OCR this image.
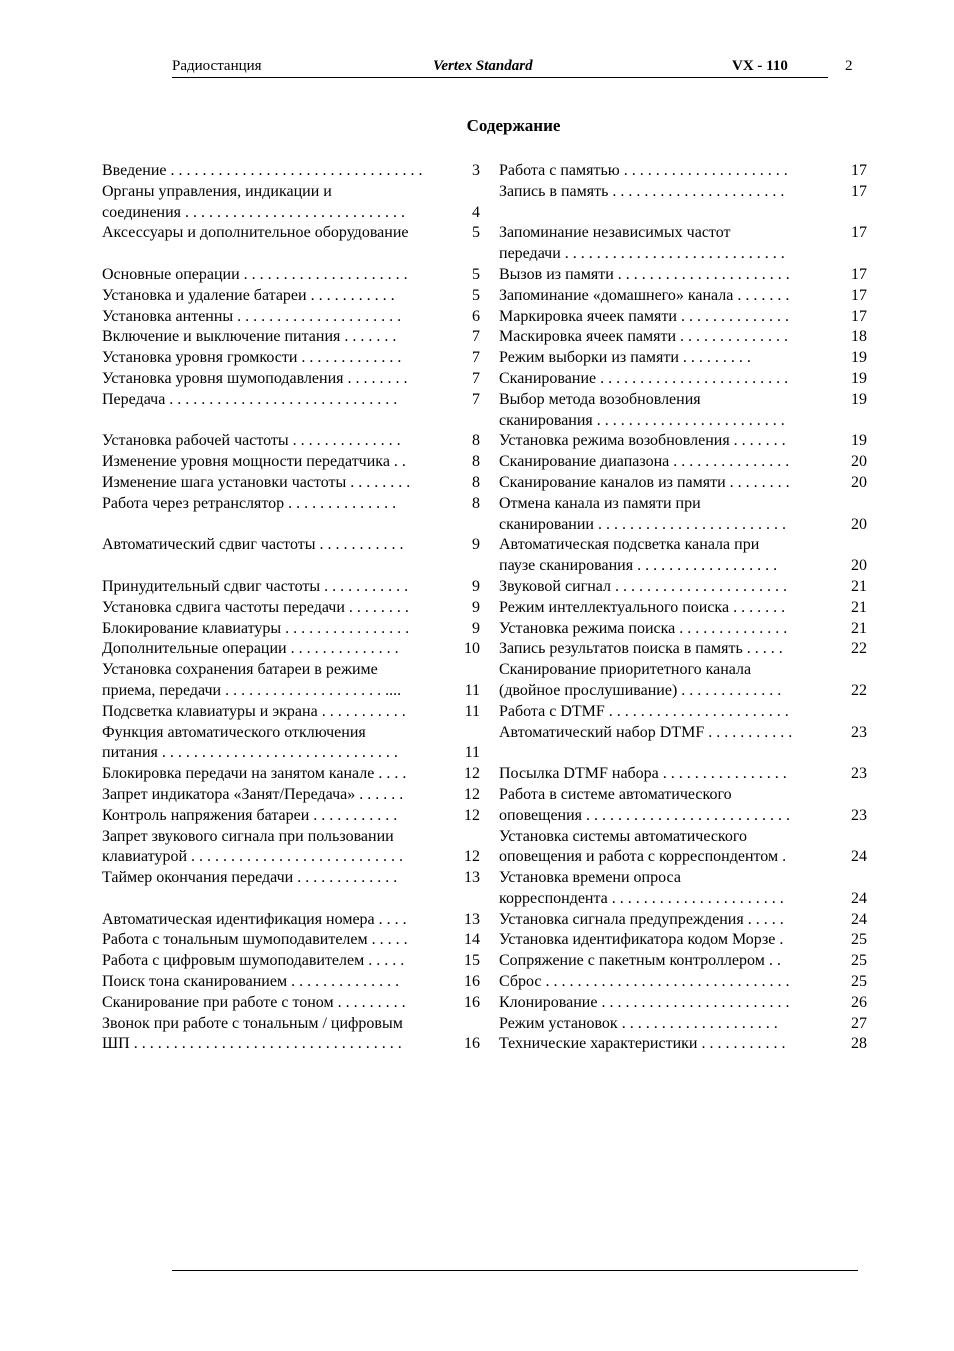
Радиостанция	Vertex Standard	VX - 110	2
Содержание
Введение . . . . . . . . . . . . . . . . . . . . . . . . . . . . . . . .	3
Органы управления, индикации и
соединения . . . . . . . . . . . . . . . . . . . . . . . . . . . .	4
Аксессуары и дополнительное оборудование	5
Основные операции . . . . . . . . . . . . . . . . . . . . .	5
Установка и удаление батареи . . . . . . . . . . .	5
Установка антенны . . . . . . . . . . . . . . . . . . . . .	6
Включение и выключение питания . . . . . . .	7
Установка уровня громкости . . . . . . . . . . . . .	7
Установка уровня шумоподавления . . . . . . . .	7
Передача . . . . . . . . . . . . . . . . . . . . . . . . . . . . .	7
Установка рабочей частоты . . . . . . . . . . . . . .	8
Изменение уровня мощности передатчика . .	8
Изменение шага установки частоты . . . . . . . .	8
Работа через ретранслятор . . . . . . . . . . . . . .	8
Автоматический сдвиг частоты . . . . . . . . . . .	9
Принудительный сдвиг частоты . . . . . . . . . . .	9
Установка сдвига частоты передачи . . . . . . . .	9
Блокирование клавиатуры . . . . . . . . . . . . . . . .	9
Дополнительные операции . . . . . . . . . . . . . .	10
Установка сохранения батареи в режиме
приема, передачи . . . . . . . . . . . . . . . . . . . . ....	11
Подсветка клавиатуры и экрана . . . . . . . . . . .	11
Функция автоматического отключения
питания . . . . . . . . . . . . . . . . . . . . . . . . . . . . . .	11
Блокировка передачи на занятом канале . . . .	12
Запрет индикатора «Занят/Передача» . . . . . .	12
Контроль напряжения батареи . . . . . . . . . . .	12
Запрет звукового сигнала при пользовании
клавиатурой . . . . . . . . . . . . . . . . . . . . . . . . . . .	12
Таймер окончания передачи . . . . . . . . . . . . .	13
Автоматическая идентификация номера . . . .	13
Работа с тональным шумоподавителем . . . . .	14
Работа с цифровым шумоподавителем . . . . .	15
Поиск тона сканированием . . . . . . . . . . . . . .	16
Сканирование при работе с тоном . . . . . . . . .	16
Звонок при работе с тональным / цифровым
ШП . . . . . . . . . . . . . . . . . . . . . . . . . . . . . . . . . .	16
Работа с памятью . . . . . . . . . . . . . . . . . . . . .	17
Запись в память . . . . . . . . . . . . . . . . . . . . . .	17
Запоминание независимых частот	17
передачи . . . . . . . . . . . . . . . . . . . . . . . . . . . .
Вызов из памяти . . . . . . . . . . . . . . . . . . . . . .	17
Запоминание «домашнего» канала . . . . . . .	17
Маркировка ячеек памяти . . . . . . . . . . . . . .	17
Маскировка ячеек памяти . . . . . . . . . . . . . .	18
Режим выборки из памяти . . . . . . . . .	19
Сканирование . . . . . . . . . . . . . . . . . . . . . . . .	19
Выбор метода возобновления	19
сканирования . . . . . . . . . . . . . . . . . . . . . . . .
Установка режима возобновления . . . . . . .	19
Сканирование диапазона . . . . . . . . . . . . . . .	20
Сканирование каналов из памяти . . . . . . . .	20
Отмена канала из памяти при
сканировании . . . . . . . . . . . . . . . . . . . . . . . .	20
Автоматическая подсветка канала при
паузе сканирования . . . . . . . . . . . . . . . . . .	20
Звуковой сигнал . . . . . . . . . . . . . . . . . . . . . .	21
Режим интеллектуального поиска . . . . . . .	21
Установка режима поиска . . . . . . . . . . . . . .	21
Запись результатов поиска в память . . . . .	22
Сканирование приоритетного канала
(двойное прослушивание) . . . . . . . . . . . . .	22
Работа с DTMF . . . . . . . . . . . . . . . . . . . . . . .
Автоматический набор DTMF . . . . . . . . . . .	23
Посылка DTMF набора . . . . . . . . . . . . . . . .	23
Работа в системе автоматического
оповещения . . . . . . . . . . . . . . . . . . . . . . . . . .	23
Установка системы автоматического
оповещения и работа с корреспондентом .	24
Установка времени опроса
корреспондента . . . . . . . . . . . . . . . . . . . . . .	24
Установка сигнала предупреждения . . . . .	24
Установка идентификатора кодом Морзе .	25
Сопряжение с пакетным контроллером . .	25
Сброс . . . . . . . . . . . . . . . . . . . . . . . . . . . . . . .	25
Клонирование . . . . . . . . . . . . . . . . . . . . . . . .	26
Режим установок . . . . . . . . . . . . . . . . . . . .	27
Технические характеристики . . . . . . . . . . .	28
